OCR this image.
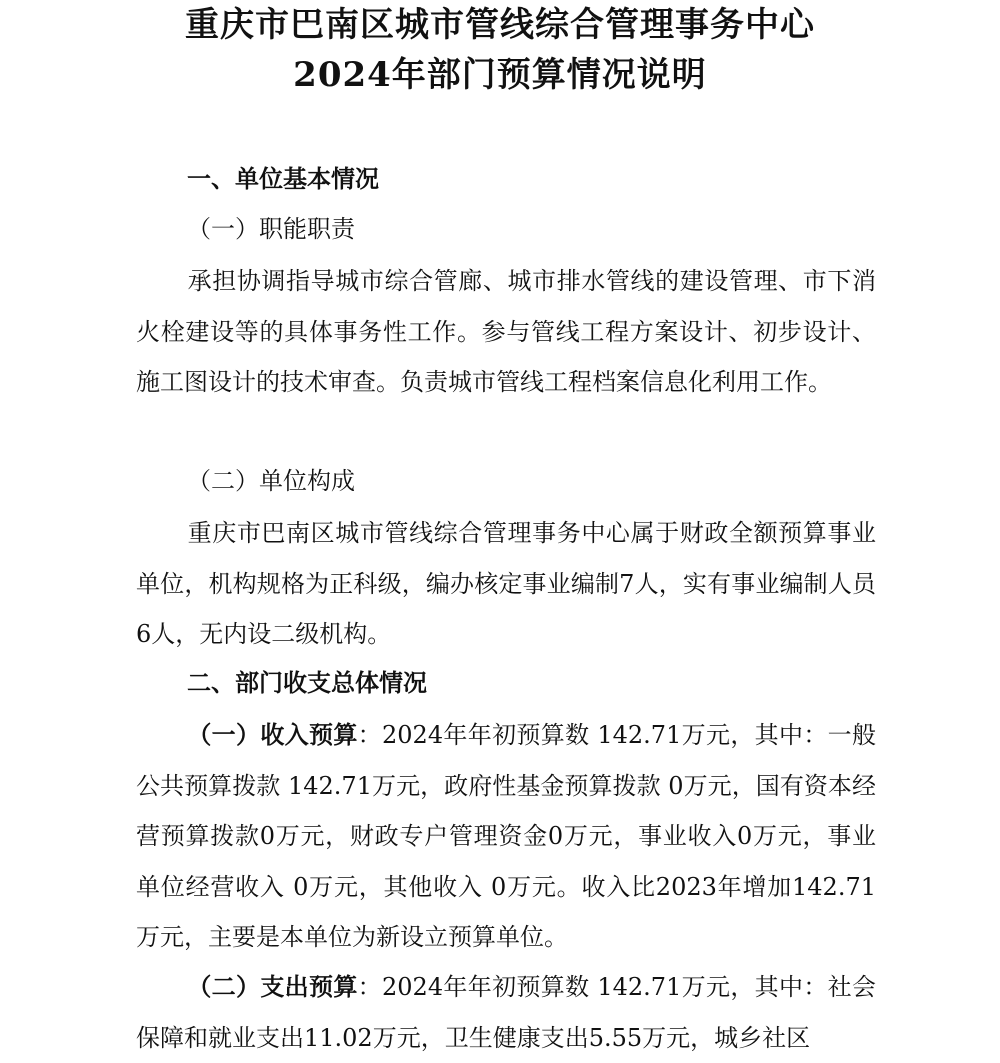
重庆市巴南区城市管线综合管理事务中心
2024年部门预算情况说明
一、单位基本情况
（一）职能职责

承担协调指导城市综合管廊、城市排水管线的建设管理、市下消火栓建设等的具体事务性工作。参与管线工程方案设计、初步设计、施工图设计的技术审查。负责城市管线工程档案信息化利用工作。

（二）单位构成

重庆市巴南区城市管线综合管理事务中心属于财政全额预算事业单位，机构规格为正科级，编办核定事业编制7人，实有事业编制人员6人，无内设二级机构。

二、部门收支总体情况

（一）收入预算：2024年年初预算数 142.71万元，其中：一般公共预算拨款 142.71万元，政府性基金预算拨款 0万元，国有资本经营预算拨款0万元，财政专户管理资金0万元，事业收入0万元，事业单位经营收入 0万元，其他收入 0万元。收入比2023年增加142.71万元，主要是本单位为新设立预算单位。

（二）支出预算：2024年年初预算数 142.71万元，其中：社会保障和就业支出11.02万元，卫生健康支出5.55万元，城乡社区
